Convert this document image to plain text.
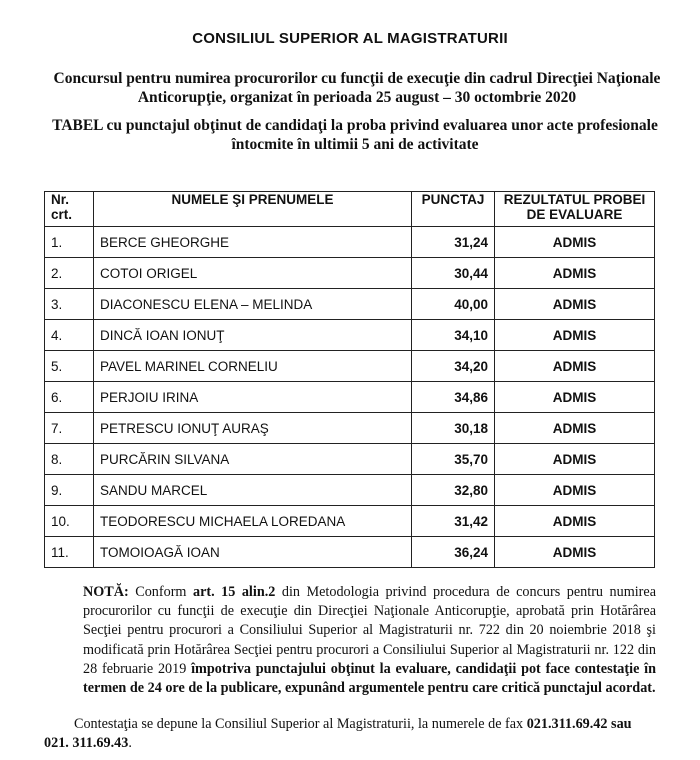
CONSILIUL SUPERIOR AL MAGISTRATURII
Concursul pentru numirea procurorilor cu funcţii de execuţie din cadrul Direcţiei Naţionale Anticorupţie, organizat în perioada 25 august – 30 octombrie 2020
TABEL cu punctajul obţinut de candidaţi la proba privind evaluarea unor acte profesionale întocmite în ultimii 5 ani de activitate
Nr. crt.	NUMELE ŞI PRENUMELE	PUNCTAJ	REZULTATUL PROBEI DE EVALUARE
1.	BERCE GHEORGHE	31,24	ADMIS
2.	COTOI ORIGEL	30,44	ADMIS
3.	DIACONESCU ELENA – MELINDA	40,00	ADMIS
4.	DINCĂ IOAN IONUŢ	34,10	ADMIS
5.	PAVEL MARINEL CORNELIU	34,20	ADMIS
6.	PERJOIU IRINA	34,86	ADMIS
7.	PETRESCU IONUŢ AURAŞ	30,18	ADMIS
8.	PURCĂRIN SILVANA	35,70	ADMIS
9.	SANDU MARCEL	32,80	ADMIS
10.	TEODORESCU MICHAELA LOREDANA	31,42	ADMIS
11.	TOMOIOAGĂ IOAN	36,24	ADMIS
NOTĂ: Conform art. 15 alin.2 din Metodologia privind procedura de concurs pentru numirea procurorilor cu funcţii de execuţie din Direcţiei Naţionale Anticorupţie, aprobată prin Hotărârea Secţiei pentru procurori a Consiliului Superior al Magistraturii nr. 722 din 20 noiembrie 2018 şi modificată prin Hotărârea Secţiei pentru procurori a Consiliului Superior al Magistraturii nr. 122 din 28 februarie 2019 împotriva punctajului obţinut la evaluare, candidaţii pot face contestaţie în termen de 24 ore de la publicare, expunând argumentele pentru care critică punctajul acordat.
Contestaţia se depune la Consiliul Superior al Magistraturii, la numerele de fax 021.311.69.42 sau 021. 311.69.43.
